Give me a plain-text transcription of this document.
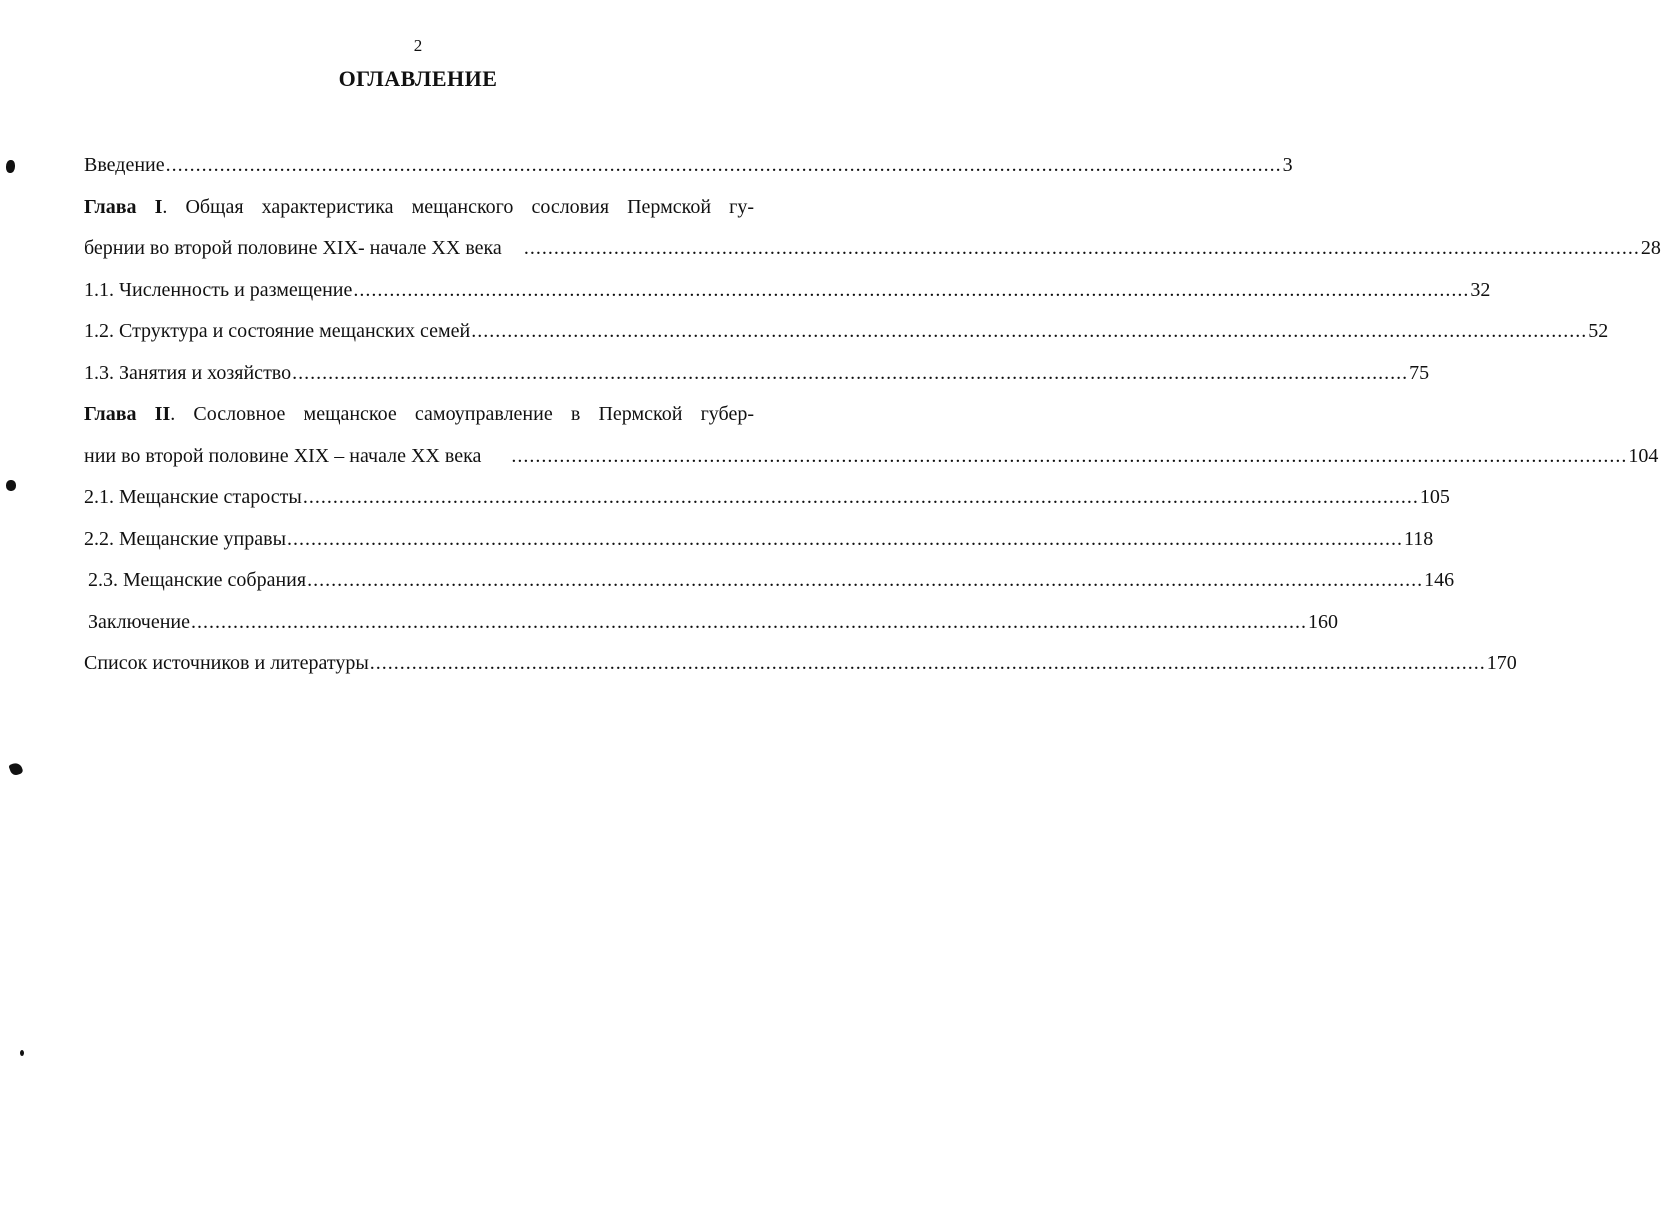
2
ОГЛАВЛЕНИЕ
Введение .......................................................................................................................................................................................... 3
Глава I. Общая характеристика мещанского сословия Пермской гу-
бернии во второй половине XIX- начале XX века .......................................................................................................................................................................................... 28
1.1. Численность и размещение .......................................................................................................................................................................................... 32
1.2. Структура и состояние мещанских семей .......................................................................................................................................................................................... 52
1.3. Занятия и хозяйство .......................................................................................................................................................................................... 75
Глава II. Сословное мещанское самоуправление в Пермской губер-
нии во второй половине XIX – начале XX века .......................................................................................................................................................................................... 104
2.1. Мещанские старосты .......................................................................................................................................................................................... 105
2.2. Мещанские управы .......................................................................................................................................................................................... 118
2.3. Мещанские собрания .......................................................................................................................................................................................... 146
Заключение .......................................................................................................................................................................................... 160
Список источников и литературы .......................................................................................................................................................................................... 170
